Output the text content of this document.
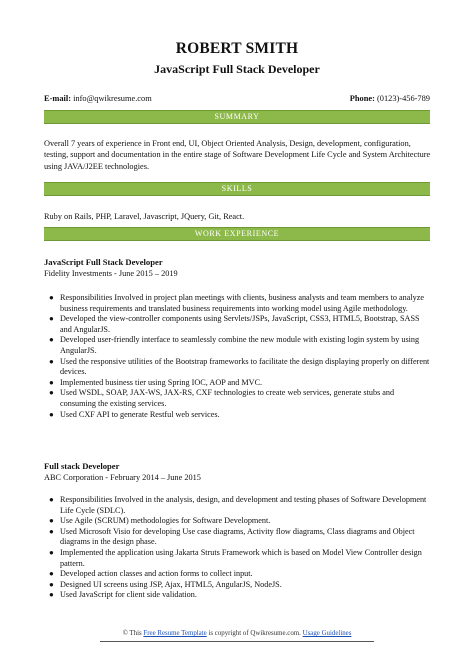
ROBERT SMITH
JavaScript Full Stack Developer
E-mail: info@qwikresume.com	Phone: (0123)-456-789
SUMMARY
Overall 7 years of experience in Front end, UI, Object Oriented Analysis, Design, development, configuration, testing, support and documentation in the entire stage of Software Development Life Cycle and System Architecture using JAVA/J2EE technologies.
SKILLS
Ruby on Rails, PHP, Laravel, Javascript, JQuery, Git, React.
WORK EXPERIENCE
JavaScript Full Stack Developer
Fidelity Investments - June 2015 – 2019
● Responsibilities Involved in project plan meetings with clients, business analysts and team members to analyze business requirements and translated business requirements into working model using Agile methodology.
● Developed the view-controller components using Servlets/JSPs, JavaScript, CSS3, HTML5, Bootstrap, SASS and AngularJS.
● Developed user-friendly interface to seamlessly combine the new module with existing login system by using AngularJS.
● Used the responsive utilities of the Bootstrap frameworks to facilitate the design displaying properly on different devices.
● Implemented business tier using Spring IOC, AOP and MVC.
● Used WSDL, SOAP, JAX-WS, JAX-RS, CXF technologies to create web services, generate stubs and consuming the existing services.
● Used CXF API to generate Restful web services.
Full stack Developer
ABC Corporation - February 2014 – June 2015
● Responsibilities Involved in the analysis, design, and development and testing phases of Software Development Life Cycle (SDLC).
● Use Agile (SCRUM) methodologies for Software Development.
● Used Microsoft Visio for developing Use case diagrams, Activity flow diagrams, Class diagrams and Object diagrams in the design phase.
● Implemented the application using Jakarta Struts Framework which is based on Model View Controller design pattern.
● Developed action classes and action forms to collect input.
● Designed UI screens using JSP, Ajax, HTML5, AngularJS, NodeJS.
● Used JavaScript for client side validation.
© This Free Resume Template is copyright of Qwikresume.com. Usage Guidelines
